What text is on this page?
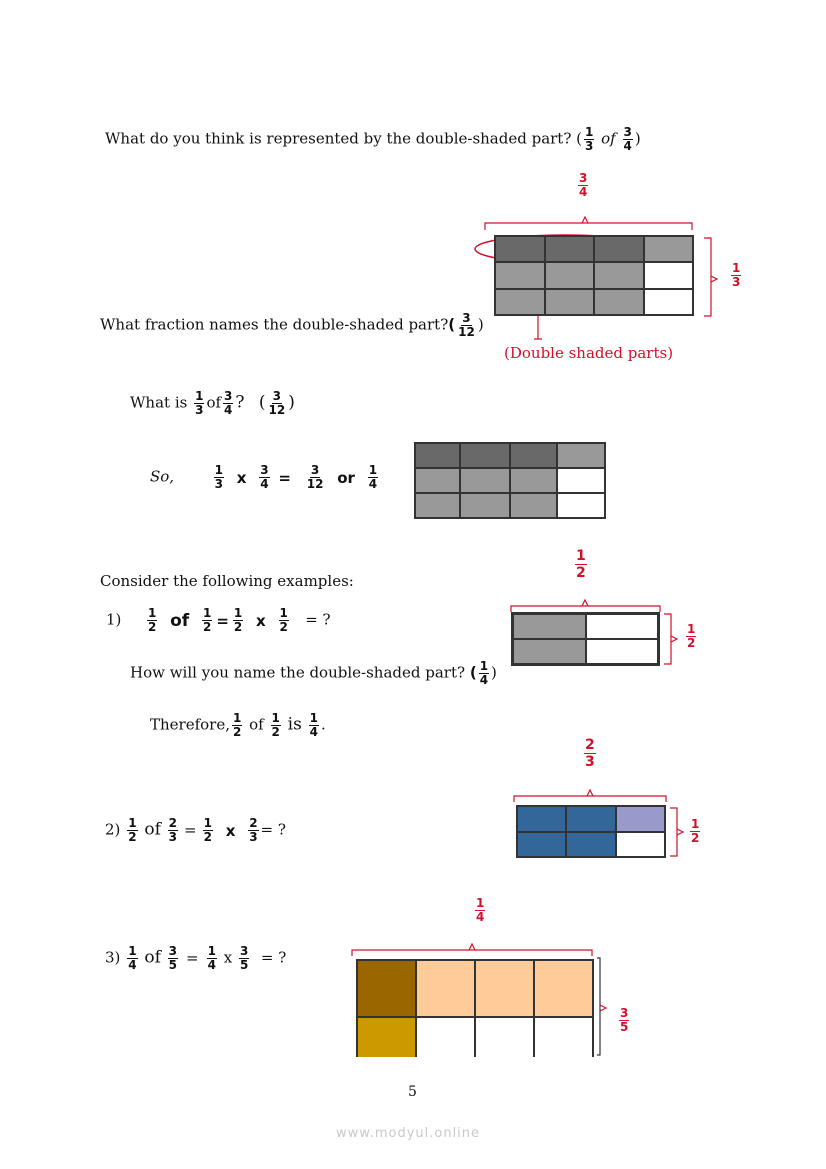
What do you think is represented by the double-shaded part? ( $\frac{1}{3}$ of $\frac{3}{4}$ )
$\frac{3}{4}$
$\frac{1}{3}$
(Double shaded parts)
What fraction names the double-shaded part?( $\frac{3}{12}$ )
What is $\frac{1}{3}$ of $\frac{3}{4}$ ? ( $\frac{3}{12}$ )
So,	$\frac{1}{3}$ x $\frac{3}{4} = \frac{3}{12}$ or $\frac{1}{4}$
Consider the following examples:	$\frac{1}{2}$
$\frac{1}{2}$
$1) \frac{1}{2}$ of $\frac{1}{2} = \frac{1}{2}$ x $\frac{1}{2}$ = ?
How will you name the double-shaded part? ( $\frac{1}{4}$ )
Therefore, $\frac{1}{2}$ of $\frac{1}{2}$ is $\frac{1}{4}$ .
$\frac{2}{3}$
$\frac{1}{2}$
$2) \frac{1}{2}$ of $\frac{2}{3} = \frac{1}{2}$ x $\frac{2}{3}$ = ?
$\frac{1}{4}$
$\frac{3}{5}$
$3) \frac{1}{4}$ of $\frac{3}{5} = \frac{1}{4}$ x $\frac{3}{5}$ = ?
5
www.modyul.online
